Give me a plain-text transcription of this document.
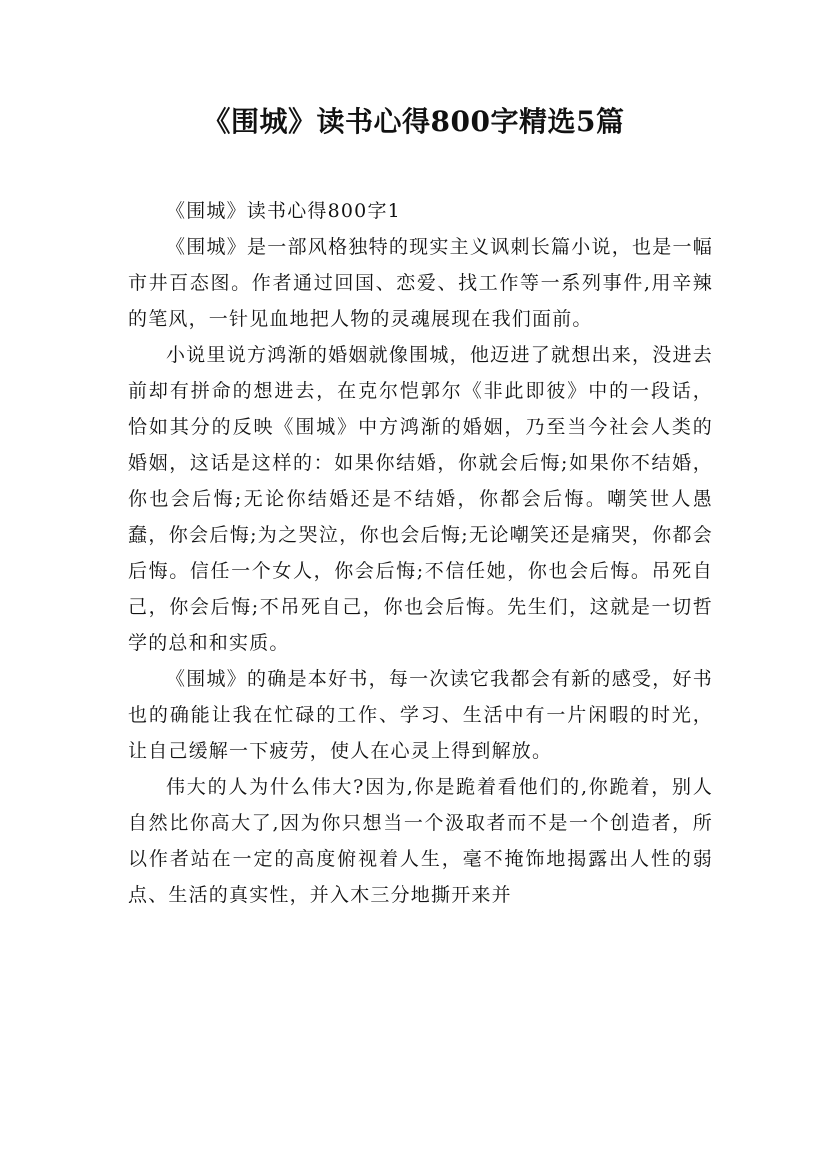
《围城》读书心得800字精选5篇

《围城》读书心得800字1

《围城》是一部风格独特的现实主义讽刺长篇小说，也是一幅市井百态图。作者通过回国、恋爱、找工作等一系列事件,用辛辣的笔风，一针见血地把人物的灵魂展现在我们面前。

小说里说方鸿渐的婚姻就像围城，他迈进了就想出来，没进去前却有拼命的想进去，在克尔恺郭尔《非此即彼》中的一段话，恰如其分的反映《围城》中方鸿渐的婚姻，乃至当今社会人类的婚姻，这话是这样的：如果你结婚，你就会后悔;如果你不结婚，你也会后悔;无论你结婚还是不结婚，你都会后悔。嘲笑世人愚蠢，你会后悔;为之哭泣，你也会后悔;无论嘲笑还是痛哭，你都会后悔。信任一个女人，你会后悔;不信任她，你也会后悔。吊死自己，你会后悔;不吊死自己，你也会后悔。先生们，这就是一切哲学的总和和实质。

《围城》的确是本好书，每一次读它我都会有新的感受，好书也的确能让我在忙碌的工作、学习、生活中有一片闲暇的时光，让自己缓解一下疲劳，使人在心灵上得到解放。

伟大的人为什么伟大?因为,你是跪着看他们的,你跪着，别人自然比你高大了,因为你只想当一个汲取者而不是一个创造者，所以作者站在一定的高度俯视着人生，毫不掩饰地揭露出人性的弱点、生活的真实性，并入木三分地撕开来并
